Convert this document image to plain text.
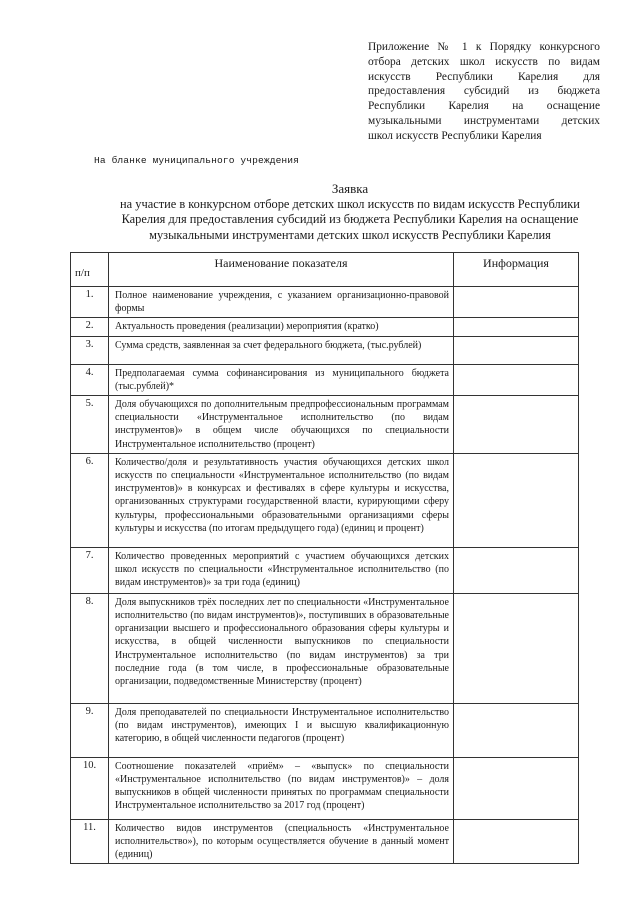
Приложение № 1 к Порядку конкурсного
отбора детских школ искусств по видам
искусств Республики Карелия для
предоставления субсидий из бюджета
Республики Карелия на оснащение
музыкальными инструментами детских
школ искусств Республики Карелия
На бланке муниципального учреждения
Заявка
на участие в конкурсном отборе детских школ искусств по видам искусств Республики
Карелия для предоставления субсидий из бюджета Республики Карелия на оснащение
музыкальными инструментами детских школ искусств Республики Карелия
п/п	Наименование показателя	Информация
1.	Полное наименование учреждения, с указанием организационно-правовой формы	
2.	Актуальность проведения (реализации) мероприятия (кратко)	
3.	Сумма средств, заявленная за счет федерального бюджета, (тыс.рублей)	
4.	Предполагаемая сумма софинансирования из муниципального бюджета (тыс.рублей)*	
5.	Доля обучающихся по дополнительным предпрофессиональным программам специальности «Инструментальное исполнительство (по видам инструментов)» в общем числе обучающихся по специальности Инструментальное исполнительство (процент)	
6.	Количество/доля и результативность участия обучающихся детских школ искусств по специальности «Инструментальное исполнительство (по видам инструментов)» в конкурсах и фестивалях в сфере культуры и искусства, организованных структурами государственной власти, курирующими сферу культуры, профессиональными образовательными организациями сферы культуры и искусства (по итогам предыдущего года) (единиц и процент)	
7.	Количество проведенных мероприятий с участием обучающихся детских школ искусств по специальности «Инструментальное исполнительство (по видам инструментов)» за три года (единиц)	
8.	Доля выпускников трёх последних лет по специальности «Инструментальное исполнительство (по видам инструментов)», поступивших в образовательные организации высшего и профессионального образования сферы культуры и искусства, в общей численности выпускников по специальности Инструментальное исполнительство (по видам инструментов) за три последние года (в том числе, в профессиональные образовательные организации, подведомственные Министерству (процент)	
9.	Доля преподавателей по специальности Инструментальное исполнительство (по видам инструментов), имеющих I и высшую квалификационную категорию, в общей численности педагогов (процент)	
10.	Соотношение показателей «приём» – «выпуск» по специальности «Инструментальное исполнительство (по видам инструментов)» – доля выпускников в общей численности принятых по программам специальности Инструментальное исполнительство за 2017 год (процент)	
11.	Количество видов инструментов (специальность «Инструментальное исполнительство»), по которым осуществляется обучение в данный момент (единиц)	
